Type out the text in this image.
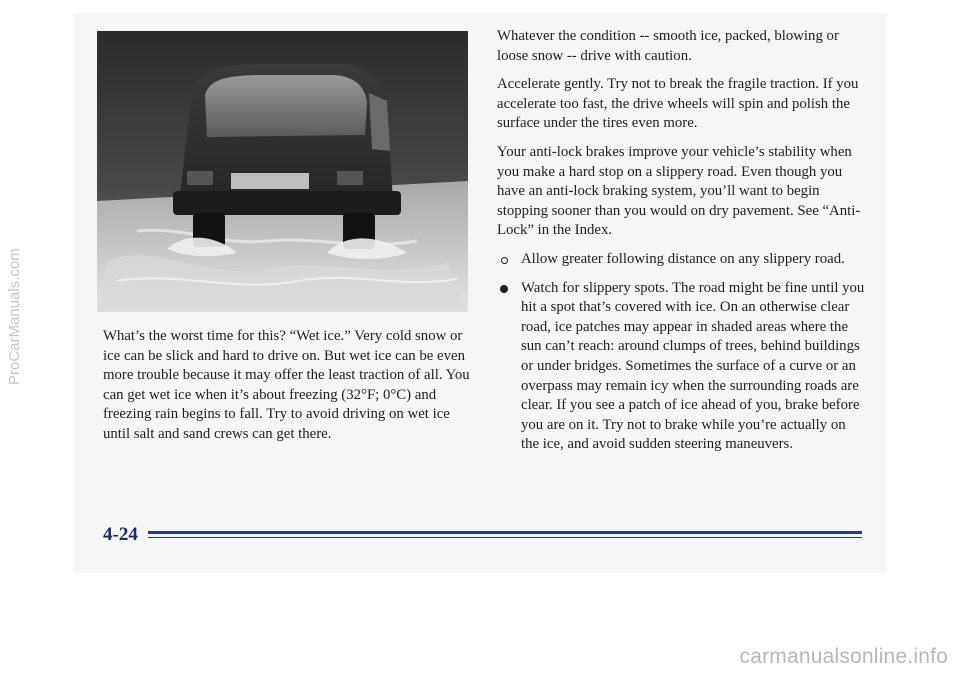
What’s the worst time for this? “Wet ice.” Very cold snow or ice can be slick and hard to drive on. But wet ice can be even more trouble because it may offer the least traction of all. You can get wet ice when it’s about freezing (32°F; 0°C) and freezing rain begins to fall. Try to avoid driving on wet ice until salt and sand crews can get there.

Whatever the condition -- smooth ice, packed, blowing or loose snow -- drive with caution.

Accelerate gently. Try not to break the fragile traction. If you accelerate too fast, the drive wheels will spin and polish the surface under the tires even more.

Your anti-lock brakes improve your vehicle’s stability when you make a hard stop on a slippery road. Even though you have an anti-lock braking system, you’ll want to begin stopping sooner than you would on dry pavement. See “Anti-Lock” in the Index.

Allow greater following distance on any slippery road.
Watch for slippery spots. The road might be fine until you hit a spot that’s covered with ice. On an otherwise clear road, ice patches may appear in shaded areas where the sun can’t reach: around clumps of trees, behind buildings or under bridges. Sometimes the surface of a curve or an overpass may remain icy when the surrounding roads are clear. If you see a patch of ice ahead of you, brake before you are on it. Try not to brake while you’re actually on the ice, and avoid sudden steering maneuvers.
4-24
ProCarManuals.com
carmanualsonline.info
